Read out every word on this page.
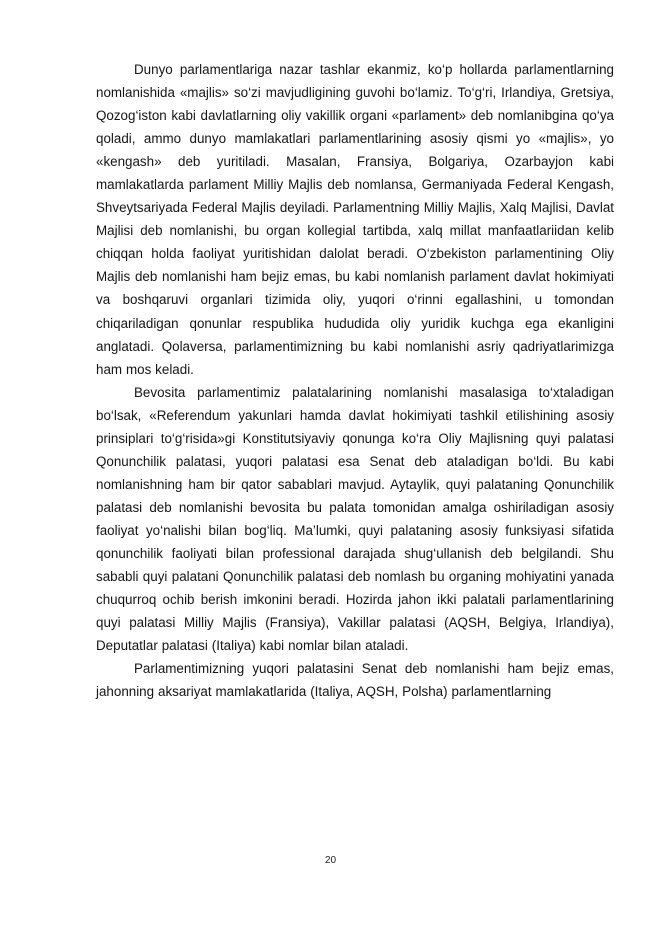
Dunyo parlamentlariga nazar tashlar ekanmiz, ko‘p hollarda parlamentlarning nomlanishida «majlis» so‘zi mavjudligining guvohi bo‘lamiz. To‘g‘ri, Irlandiya, Gretsiya, Qozog‘iston kabi davlatlarning oliy vakillik organi «parlament» deb nomlanibgina qo‘ya qoladi, ammo dunyo mamlakatlari parlamentlarining asosiy qismi yo «majlis», yo «kengash» deb yuritiladi. Masalan, Fransiya, Bolgariya, Ozarbayjon kabi mamlakatlarda parlament Milliy Majlis deb nomlansa, Germaniyada Federal Kengash, Shveytsariyada Federal Majlis deyiladi. Parlamentning Milliy Majlis, Xalq Majlisi, Davlat Majlisi deb nomlanishi, bu organ kollegial tartibda, xalq millat manfaatlariidan kelib chiqqan holda faoliyat yuritishidan dalolat beradi. O‘zbekiston parlamentining Oliy Majlis deb nomlanishi ham bejiz emas, bu kabi nomlanish parlament davlat hokimiyati va boshqaruvi organlari tizimida oliy, yuqori o‘rinni egallashini, u tomondan chiqariladigan qonunlar respublika hududida oliy yuridik kuchga ega ekanligini anglatadi. Qolaversa, parlamentimizning bu kabi nomlanishi asriy qadriyatlarimizga ham mos keladi.

Bevosita parlamentimiz palatalarining nomlanishi masalasiga to‘xtaladigan bo‘lsak, «Referendum yakunlari hamda davlat hokimiyati tashkil etilishining asosiy prinsiplari to‘g‘risida»gi Konstitutsiyaviy qonunga ko‘ra Oliy Majlisning quyi palatasi Qonunchilik palatasi, yuqori palatasi esa Senat deb ataladigan bo‘ldi. Bu kabi nomlanishning ham bir qator sabablari mavjud. Aytaylik, quyi palataning Qonunchilik palatasi deb nomlanishi bevosita bu palata tomonidan amalga oshiriladigan asosiy faoliyat yo‘nalishi bilan bog‘liq. Ma’lumki, quyi palataning asosiy funksiyasi sifatida qonunchilik faoliyati bilan professional darajada shug‘ullanish deb belgilandi. Shu sababli quyi palatani Qonunchilik palatasi deb nomlash bu organing mohiyatini yanada chuqurroq ochib berish imkonini beradi. Hozirda jahon ikki palatali parlamentlarining quyi palatasi Milliy Majlis (Fransiya), Vakillar palatasi (AQSH, Belgiya, Irlandiya), Deputatlar palatasi (Italiya) kabi nomlar bilan ataladi.

Parlamentimizning yuqori palatasini Senat deb nomlanishi ham bejiz emas, jahonning aksariyat mamlakatlarida (Italiya, AQSH, Polsha) parlamentlarning

20
